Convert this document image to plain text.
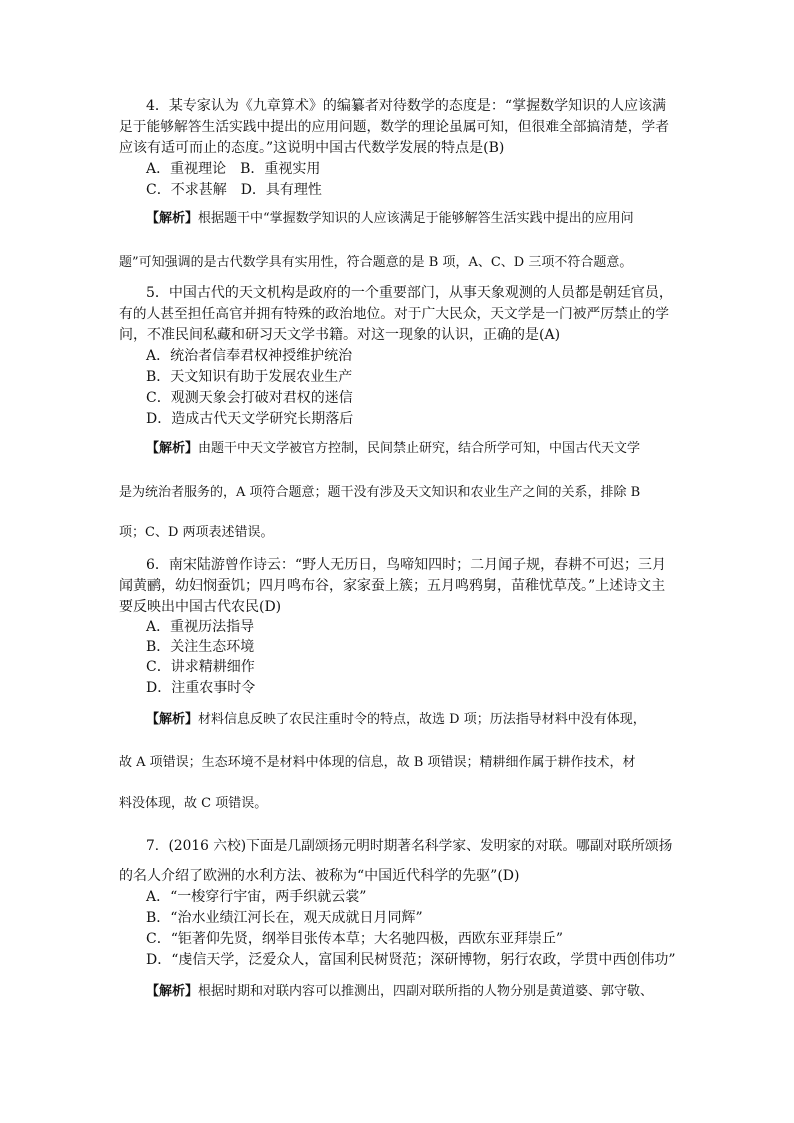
4．某专家认为《九章算术》的编纂者对待数学的态度是：“掌握数学知识的人应该满
足于能够解答生活实践中提出的应用问题，数学的理论虽属可知，但很难全部搞清楚，学者
应该有适可而止的态度。”这说明中国古代数学发展的特点是(B)
A．重视理论　B．重视实用
C．不求甚解　D．具有理性
【解析】根据题干中“掌握数学知识的人应该满足于能够解答生活实践中提出的应用问
题”可知强调的是古代数学具有实用性，符合题意的是 B 项，A、C、D 三项不符合题意。
5．中国古代的天文机构是政府的一个重要部门，从事天象观测的人员都是朝廷官员，
有的人甚至担任高官并拥有特殊的政治地位。对于广大民众，天文学是一门被严厉禁止的学
问，不准民间私藏和研习天文学书籍。对这一现象的认识，正确的是(A)
A．统治者信奉君权神授维护统治
B．天文知识有助于发展农业生产
C．观测天象会打破对君权的迷信
D．造成古代天文学研究长期落后
【解析】由题干中天文学被官方控制，民间禁止研究，结合所学可知，中国古代天文学
是为统治者服务的，A 项符合题意；题干没有涉及天文知识和农业生产之间的关系，排除 B
项；C、D 两项表述错误。
6．南宋陆游曾作诗云：“野人无历日，鸟啼知四时；二月闻子规，春耕不可迟；三月
闻黄鹂，幼妇悯蚕饥；四月鸣布谷，家家蚕上簇；五月鸣鸦舅，苗稚忧草茂。”上述诗文主
要反映出中国古代农民(D)
A．重视历法指导
B．关注生态环境
C．讲求精耕细作
D．注重农事时令
【解析】材料信息反映了农民注重时令的特点，故选 D 项；历法指导材料中没有体现，
故 A 项错误；生态环境不是材料中体现的信息，故 B 项错误；精耕细作属于耕作技术，材
料没体现，故 C 项错误。
7．(2016 六校)下面是几副颂扬元明时期著名科学家、发明家的对联。哪副对联所颂扬
的名人介绍了欧洲的水利方法、被称为“中国近代科学的先驱”(D)
A．“一梭穿行宇宙，两手织就云裳”
B．“治水业绩江河长在，观天成就日月同辉”
C．“钜著仰先贤，纲举目张传本草；大名驰四极，西欧东亚拜崇丘”
D．“虔信天学，泛爱众人，富国利民树贤范；深研博物，躬行农政，学贯中西创伟功”
【解析】根据时期和对联内容可以推测出，四副对联所指的人物分别是黄道婆、郭守敬、
